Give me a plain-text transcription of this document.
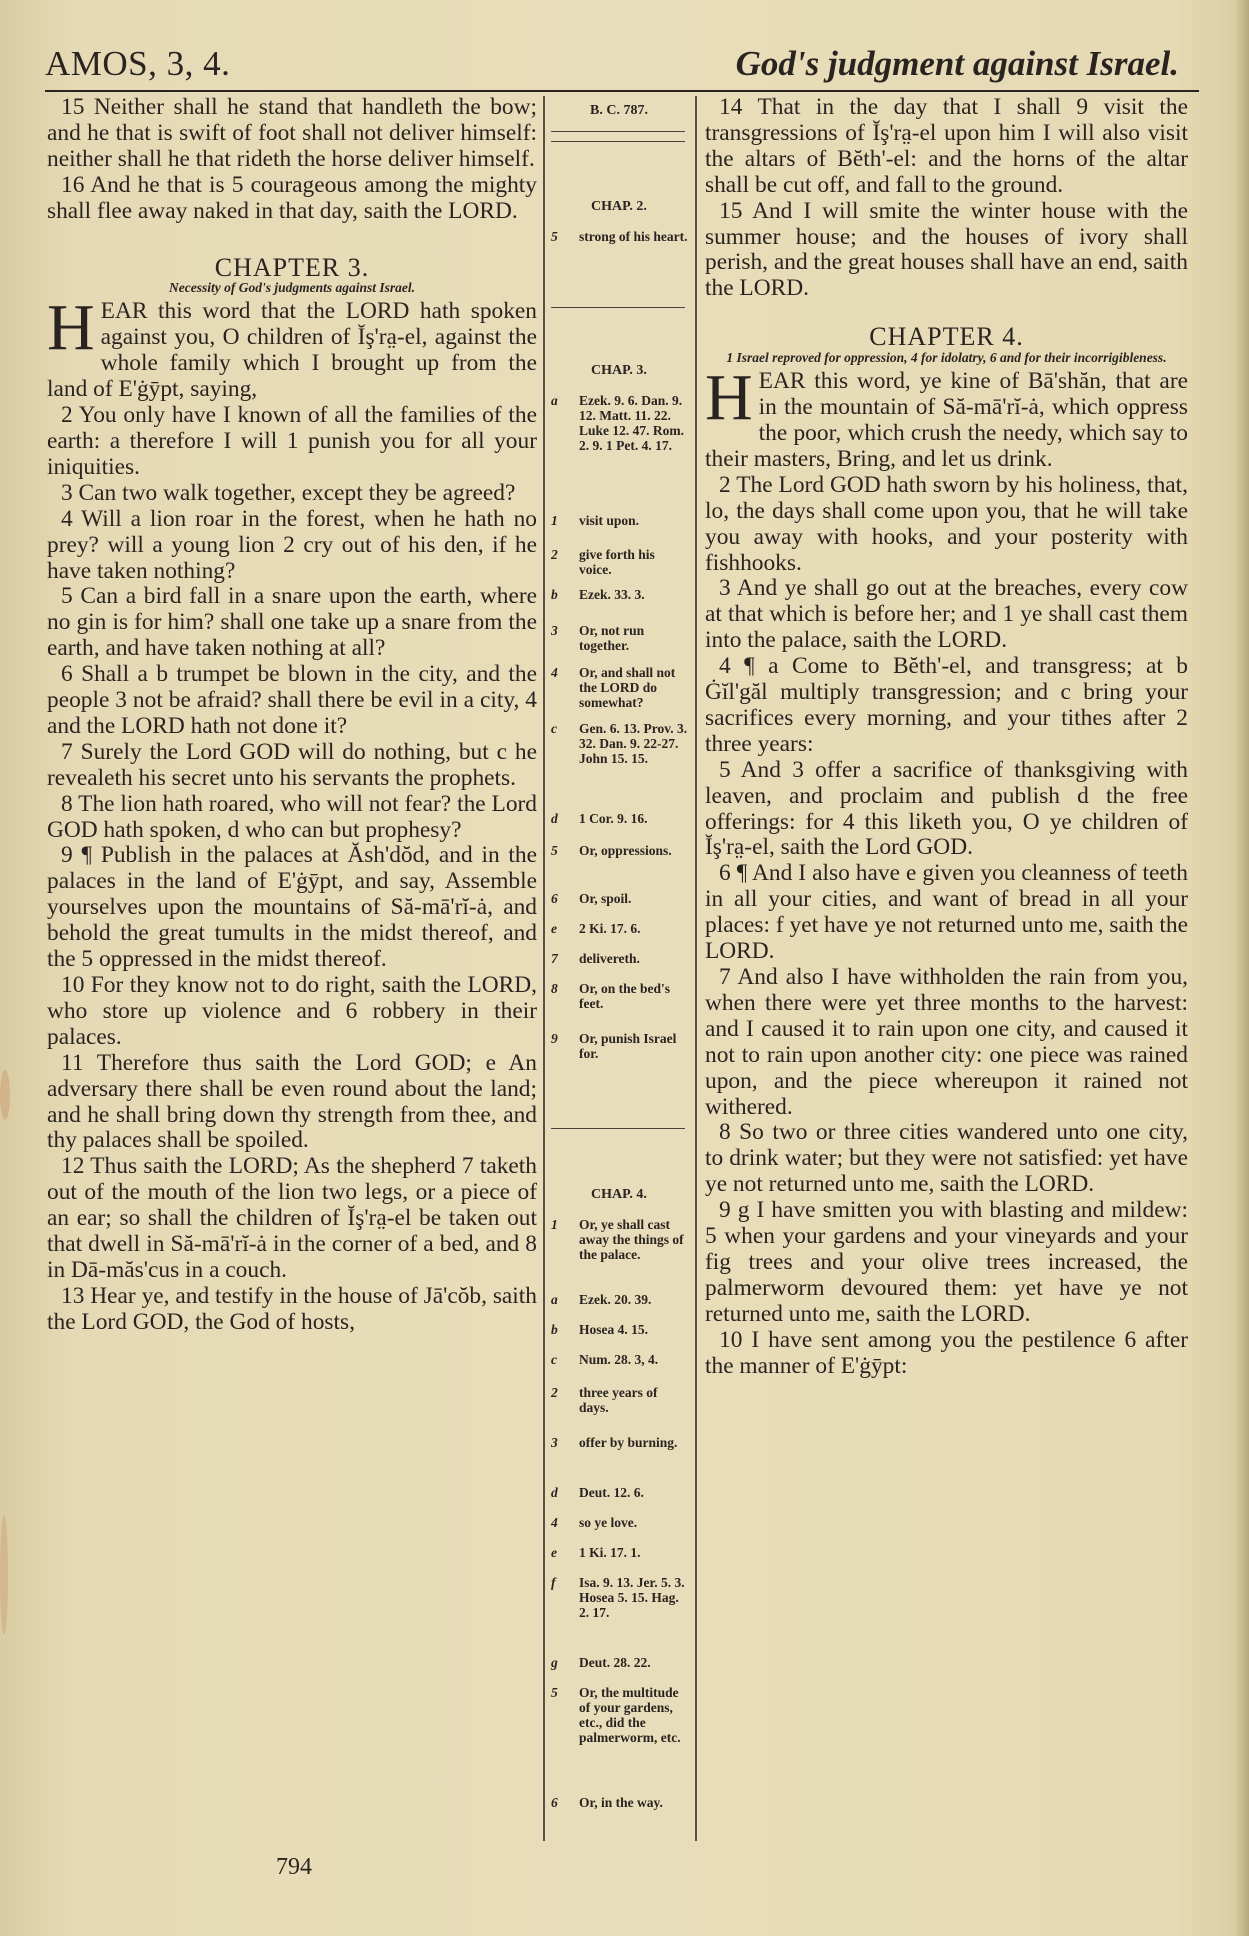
AMOS, 3, 4.	God's judgment against Israel.

15 Neither shall he stand that handleth the bow; and he that is swift of foot shall not deliver himself: neither shall he that rideth the horse deliver himself.

16 And he that is 5 courageous among the mighty shall flee away naked in that day, saith the LORD.

CHAPTER 3.

Necessity of God's judgments against Israel.

HEAR this word that the LORD hath spoken against you, O children of Ĭş'ra̤-el, against the whole family which I brought up from the land of E'ġȳpt, saying,

2 You only have I known of all the families of the earth: a therefore I will 1 punish you for all your iniquities.

3 Can two walk together, except they be agreed?

4 Will a lion roar in the forest, when he hath no prey? will a young lion 2 cry out of his den, if he have taken nothing?

5 Can a bird fall in a snare upon the earth, where no gin is for him? shall one take up a snare from the earth, and have taken nothing at all?

6 Shall a b trumpet be blown in the city, and the people 3 not be afraid? shall there be evil in a city, 4 and the LORD hath not done it?

7 Surely the Lord GOD will do nothing, but c he revealeth his secret unto his servants the prophets.

8 The lion hath roared, who will not fear? the Lord GOD hath spoken, d who can but prophesy?

9 ¶ Publish in the palaces at Ăsh'dŏd, and in the palaces in the land of E'ġȳpt, and say, Assemble yourselves upon the mountains of Să-mā'rĭ-ȧ, and behold the great tumults in the midst thereof, and the 5 oppressed in the midst thereof.

10 For they know not to do right, saith the LORD, who store up violence and 6 robbery in their palaces.

11 Therefore thus saith the Lord GOD; e An adversary there shall be even round about the land; and he shall bring down thy strength from thee, and thy palaces shall be spoiled.

12 Thus saith the LORD; As the shepherd 7 taketh out of the mouth of the lion two legs, or a piece of an ear; so shall the children of Ĭş'ra̤-el be taken out that dwell in Să-mā'rĭ-ȧ in the corner of a bed, and 8 in Dā-măs'cus in a couch.

13 Hear ye, and testify in the house of Jā'cŏb, saith the Lord GOD, the God of hosts,

B. C. 787.
CHAP. 2.
5 strong of his heart.
CHAP. 3.
a Ezek. 9. 6. Dan. 9. 12. Matt. 11. 22. Luke 12. 47. Rom. 2. 9. 1 Pet. 4. 17.
1 visit upon.
2 give forth his voice.
b Ezek. 33. 3.
3 Or, not run together.
4 Or, and shall not the LORD do somewhat?
c Gen. 6. 13. Prov. 3. 32. Dan. 9. 22-27. John 15. 15.
d 1 Cor. 9. 16.
5 Or, oppressions.
6 Or, spoil.
e 2 Ki. 17. 6.
7 delivereth.
8 Or, on the bed's feet.
9 Or, punish Israel for.
CHAP. 4.
1 Or, ye shall cast away the things of the palace.
a Ezek. 20. 39.
b Hosea 4. 15.
c Num. 28. 3, 4.
2 three years of days.
3 offer by burning.
d Deut. 12. 6.
4 so ye love.
e 1 Ki. 17. 1.
f Isa. 9. 13. Jer. 5. 3. Hosea 5. 15. Hag. 2. 17.
g Deut. 28. 22.
5 Or, the multitude of your gardens, etc., did the palmerworm, etc.
6 Or, in the way.

14 That in the day that I shall 9 visit the transgressions of Ĭş'ra̤-el upon him I will also visit the altars of Bĕth'-el: and the horns of the altar shall be cut off, and fall to the ground.

15 And I will smite the winter house with the summer house; and the houses of ivory shall perish, and the great houses shall have an end, saith the LORD.

CHAPTER 4.

1 Israel reproved for oppression, 4 for idolatry, 6 and for their incorrigibleness.

HEAR this word, ye kine of Bā'shăn, that are in the mountain of Să-mā'rĭ-ȧ, which oppress the poor, which crush the needy, which say to their masters, Bring, and let us drink.

2 The Lord GOD hath sworn by his holiness, that, lo, the days shall come upon you, that he will take you away with hooks, and your posterity with fishhooks.

3 And ye shall go out at the breaches, every cow at that which is before her; and 1 ye shall cast them into the palace, saith the LORD.

4 ¶ a Come to Bĕth'-el, and transgress; at b Ġĭl'găl multiply transgression; and c bring your sacrifices every morning, and your tithes after 2 three years:

5 And 3 offer a sacrifice of thanksgiving with leaven, and proclaim and publish d the free offerings: for 4 this liketh you, O ye children of Ĭş'ra̤-el, saith the Lord GOD.

6 ¶ And I also have e given you cleanness of teeth in all your cities, and want of bread in all your places: f yet have ye not returned unto me, saith the LORD.

7 And also I have withholden the rain from you, when there were yet three months to the harvest: and I caused it to rain upon one city, and caused it not to rain upon another city: one piece was rained upon, and the piece whereupon it rained not withered.

8 So two or three cities wandered unto one city, to drink water; but they were not satisfied: yet have ye not returned unto me, saith the LORD.

9 g I have smitten you with blasting and mildew: 5 when your gardens and your vineyards and your fig trees and your olive trees increased, the palmerworm devoured them: yet have ye not returned unto me, saith the LORD.

10 I have sent among you the pestilence 6 after the manner of E'ġȳpt:

794
